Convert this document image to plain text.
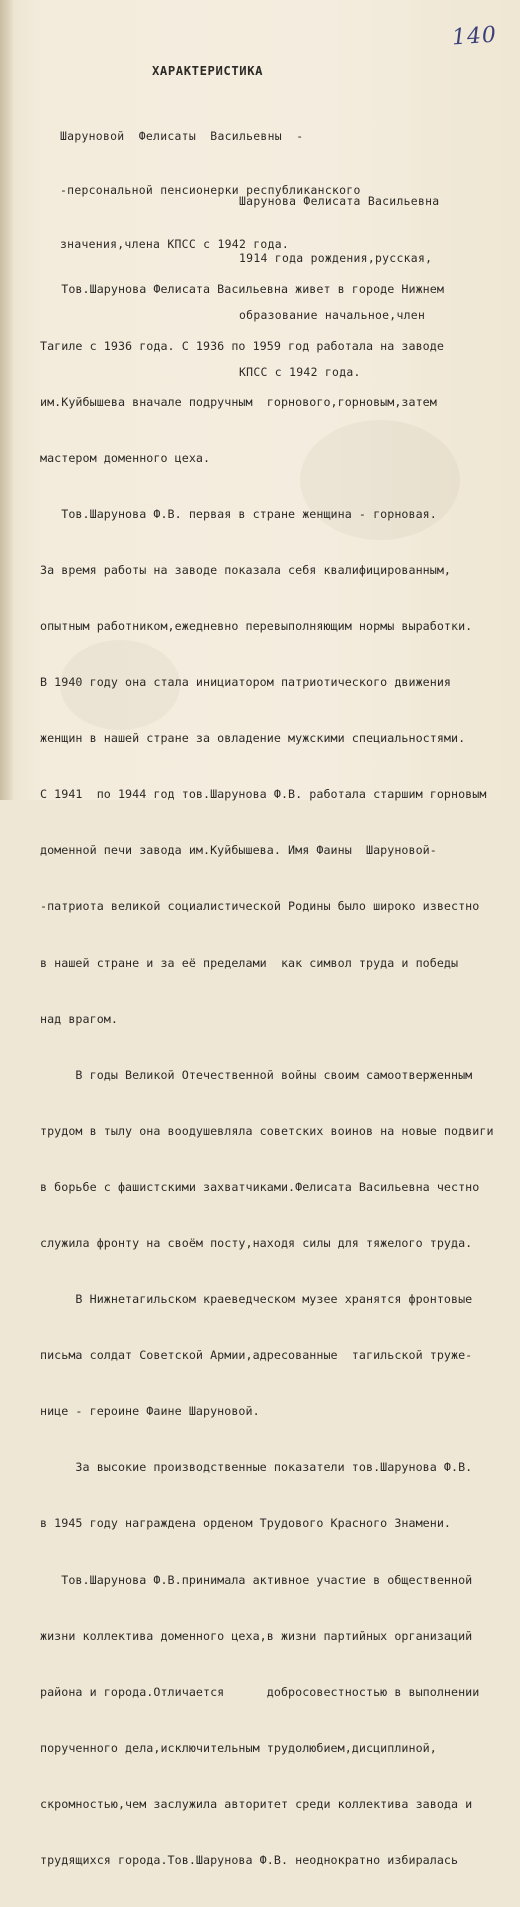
140
ХАРАКТЕРИСТИКА

Шаруновой  Фелисаты  Васильевны  -

-персональной пенсионерки республиканского

значения,члена КПСС с 1942 года.

Шарунова Фелисата Васильевна

1914 года рождения,русская,

образование начальное,член

КПСС с 1942 года.

Тов.Шарунова Фелисата Васильевна живет в городе Нижнем

Тагиле с 1936 года. С 1936 по 1959 год работала на заводе

им.Куйбышева вначале подручным  горнового,горновым,затем

мастером доменного цеха.

Тов.Шарунова Ф.В. первая в стране женщина - горновая.

За время работы на заводе показала себя квалифицированным,

опытным работником,ежедневно перевыполняющим нормы выработки.

В 1940 году она стала инициатором патриотического движения

женщин в нашей стране за овладение мужскими специальностями.

С 1941  по 1944 год тов.Шарунова Ф.В. работала старшим горновым

доменной печи завода им.Куйбышева. Имя Фаины  Шаруновой-

-патриота великой социалистической Родины было широко известно

в нашей стране и за её пределами  как символ труда и победы

над врагом.

В годы Великой Отечественной войны своим самоотверженным

трудом в тылу она воодушевляла советских воинов на новые подвиги

в борьбе с фашистскими захватчиками.Фелисата Васильевна честно

служила фронту на своём посту,находя силы для тяжелого труда.

В Нижнетагильском краеведческом музее хранятся фронтовые

письма солдат Советской Армии,адресованные  тагильской труже-

нице - героине Фаине Шаруновой.

За высокие производственные показатели тов.Шарунова Ф.В.

в 1945 году награждена орденом Трудового Красного Знамени.

Тов.Шарунова Ф.В.принимала активное участие в общественной

жизни коллектива доменного цеха,в жизни партийных организаций

района и города.Отличается      добросовестностью в выполнении

порученного дела,исключительным трудолюбием,дисциплиной,

скромностью,чем заслужила авторитет среди коллектива завода и

трудящихся города.Тов.Шарунова Ф.В. неоднократно избиралась
